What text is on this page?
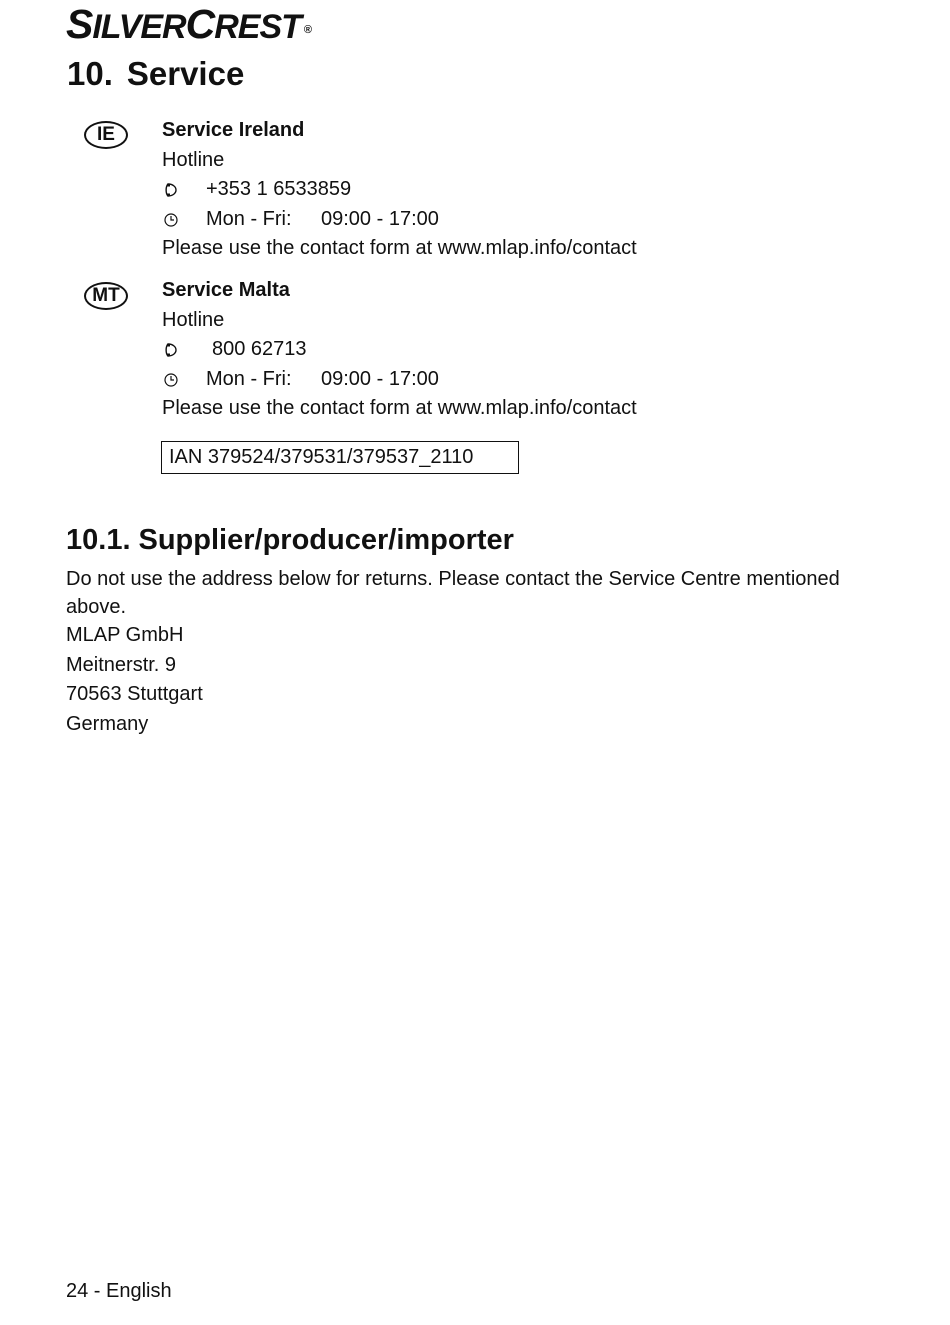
SILVERCREST ®
10. Service
IE	Service Ireland
Hotline
+353 1 6533859
Mon - Fri: 09:00 - 17:00
Please use the contact form at www.mlap.info/contact
MT	Service Malta
Hotline
800 62713
Mon - Fri: 09:00 - 17:00
Please use the contact form at www.mlap.info/contact
IAN 379524/379531/379537_2110
10.1. Supplier/producer/importer
Do not use the address below for returns. Please contact the Service Centre mentioned above.
MLAP GmbH
Meitnerstr. 9
70563 Stuttgart
Germany
24 - English
